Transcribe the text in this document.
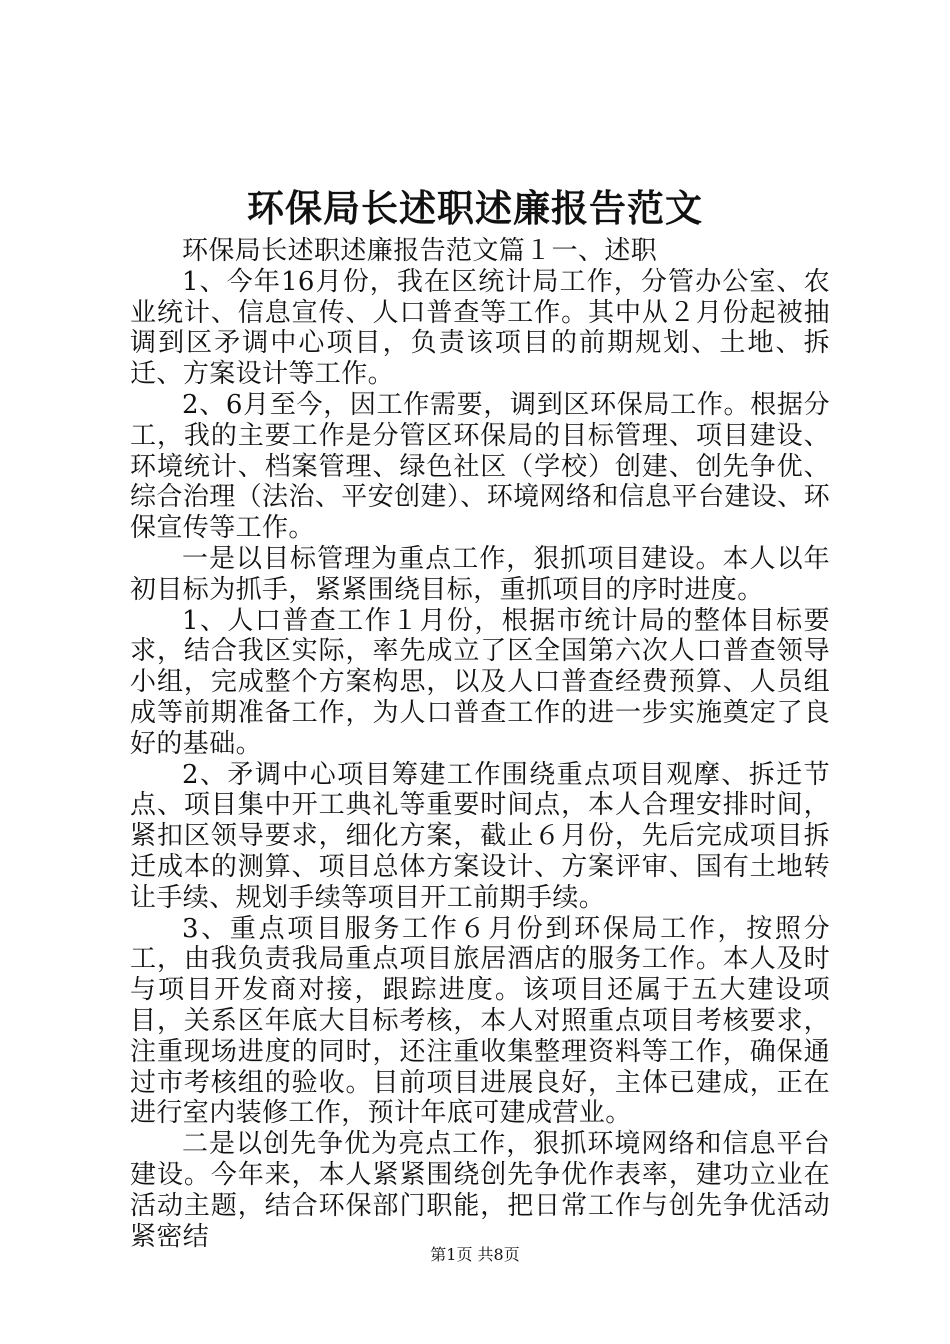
环保局长述职述廉报告范文

环保局长述职述廉报告范文篇１一、述职

1、今年16月份，我在区统计局工作，分管办公室、农业统计、信息宣传、人口普查等工作。其中从２月份起被抽调到区矛调中心项目，负责该项目的前期规划、土地、拆迁、方案设计等工作。

2、6月至今，因工作需要，调到区环保局工作。根据分工，我的主要工作是分管区环保局的目标管理、项目建设、环境统计、档案管理、绿色社区（学校）创建、创先争优、综合治理（法治、平安创建）、环境网络和信息平台建设、环保宣传等工作。

一是以目标管理为重点工作，狠抓项目建设。本人以年初目标为抓手，紧紧围绕目标，重抓项目的序时进度。

1、人口普查工作１月份，根据市统计局的整体目标要求，结合我区实际，率先成立了区全国第六次人口普查领导小组，完成整个方案构思，以及人口普查经费预算、人员组成等前期准备工作，为人口普查工作的进一步实施奠定了良好的基础。

2、矛调中心项目筹建工作围绕重点项目观摩、拆迁节点、项目集中开工典礼等重要时间点，本人合理安排时间，紧扣区领导要求，细化方案，截止６月份，先后完成项目拆迁成本的测算、项目总体方案设计、方案评审、国有土地转让手续、规划手续等项目开工前期手续。

3、重点项目服务工作６月份到环保局工作，按照分工，由我负责我局重点项目旅居酒店的服务工作。本人及时与项目开发商对接，跟踪进度。该项目还属于五大建设项目，关系区年底大目标考核，本人对照重点项目考核要求，注重现场进度的同时，还注重收集整理资料等工作，确保通过市考核组的验收。目前项目进展良好，主体已建成，正在进行室内装修工作，预计年底可建成营业。

二是以创先争优为亮点工作，狠抓环境网络和信息平台建设。今年来，本人紧紧围绕创先争优作表率，建功立业在活动主题，结合环保部门职能，把日常工作与创先争优活动紧密结

第1页 共8页
